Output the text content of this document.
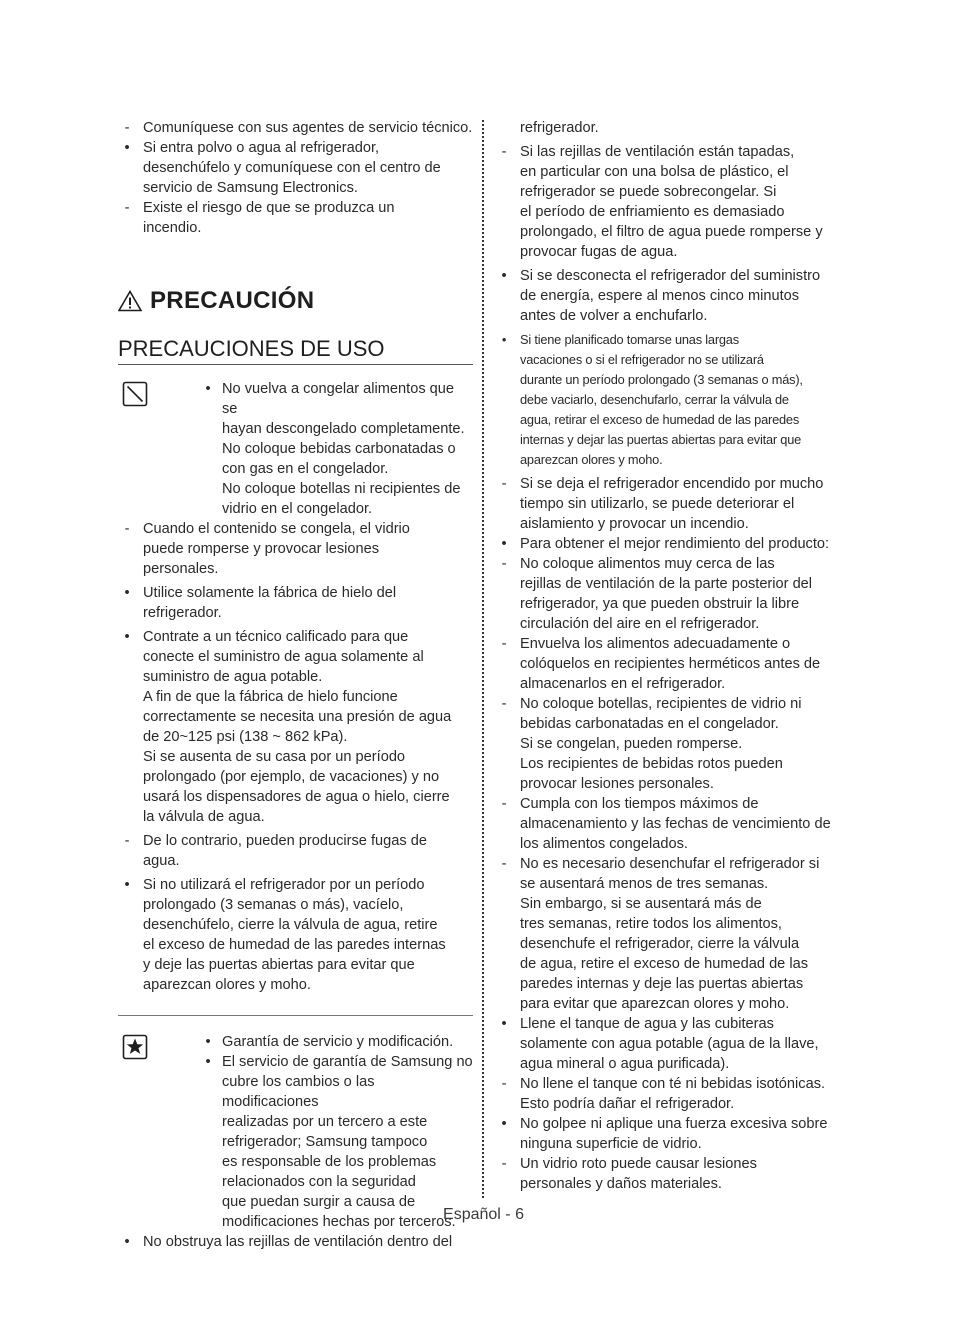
- Comuníquese con sus agentes de servicio técnico.
• Si entra polvo o agua al refrigerador,
desenchúfelo y comuníquese con el centro de
servicio de Samsung Electronics.
- Existe el riesgo de que se produzca un
incendio.
PRECAUCIÓN
PRECAUCIONES DE USO
• No vuelva a congelar alimentos que se
hayan descongelado completamente.
No coloque bebidas carbonatadas o
con gas en el congelador.
No coloque botellas ni recipientes de
vidrio en el congelador.
- Cuando el contenido se congela, el vidrio
puede romperse y provocar lesiones
personales.
• Utilice solamente la fábrica de hielo del
refrigerador.
• Contrate a un técnico calificado para que
conecte el suministro de agua solamente al
suministro de agua potable.
A fin de que la fábrica de hielo funcione
correctamente se necesita una presión de agua
de 20~125 psi (138 ~ 862 kPa).
Si se ausenta de su casa por un período
prolongado (por ejemplo, de vacaciones) y no
usará los dispensadores de agua o hielo, cierre
la válvula de agua.
- De lo contrario, pueden producirse fugas de
agua.
• Si no utilizará el refrigerador por un período
prolongado (3 semanas o más), vacíelo,
desenchúfelo, cierre la válvula de agua, retire
el exceso de humedad de las paredes internas
y deje las puertas abiertas para evitar que
aparezcan olores y moho.
• Garantía de servicio y modificación.
• El servicio de garantía de Samsung no
cubre los cambios o las modificaciones
realizadas por un tercero a este
refrigerador; Samsung tampoco
es responsable de los problemas
relacionados con la seguridad
que puedan surgir a causa de
modificaciones hechas por terceros.
• No obstruya las rejillas de ventilación dentro del
refrigerador.
- Si las rejillas de ventilación están tapadas,
en particular con una bolsa de plástico, el
refrigerador se puede sobrecongelar. Si
el período de enfriamiento es demasiado
prolongado, el filtro de agua puede romperse y
provocar fugas de agua.
• Si se desconecta el refrigerador del suministro
de energía, espere al menos cinco minutos
antes de volver a enchufarlo.
•	Si tiene planificado tomarse unas largas
vacaciones o si el refrigerador no se utilizará
durante un período prolongado (3 semanas o más),
debe vaciarlo, desenchufarlo, cerrar la válvula de
agua, retirar el exceso de humedad de las paredes
internas y dejar las puertas abiertas para evitar que
aparezcan olores y moho.
- Si se deja el refrigerador encendido por mucho
tiempo sin utilizarlo, se puede deteriorar el
aislamiento y provocar un incendio.
• Para obtener el mejor rendimiento del producto:
- No coloque alimentos muy cerca de las
rejillas de ventilación de la parte posterior del
refrigerador, ya que pueden obstruir la libre
circulación del aire en el refrigerador.
- Envuelva los alimentos adecuadamente o
colóquelos en recipientes herméticos antes de
almacenarlos en el refrigerador.
- No coloque botellas, recipientes de vidrio ni
bebidas carbonatadas en el congelador.
Si se congelan, pueden romperse.
Los recipientes de bebidas rotos pueden
provocar lesiones personales.
- Cumpla con los tiempos máximos de
almacenamiento y las fechas de vencimiento de
los alimentos congelados.
- No es necesario desenchufar el refrigerador si
se ausentará menos de tres semanas.
Sin embargo, si se ausentará más de
tres semanas, retire todos los alimentos,
desenchufe el refrigerador, cierre la válvula
de agua, retire el exceso de humedad de las
paredes internas y deje las puertas abiertas
para evitar que aparezcan olores y moho.
• Llene el tanque de agua y las cubiteras
solamente con agua potable (agua de la llave,
agua mineral o agua purificada).
- No llene el tanque con té ni bebidas isotónicas.
Esto podría dañar el refrigerador.
• No golpee ni aplique una fuerza excesiva sobre
ninguna superficie de vidrio.
- Un vidrio roto puede causar lesiones
personales y daños materiales.
Español - 6
